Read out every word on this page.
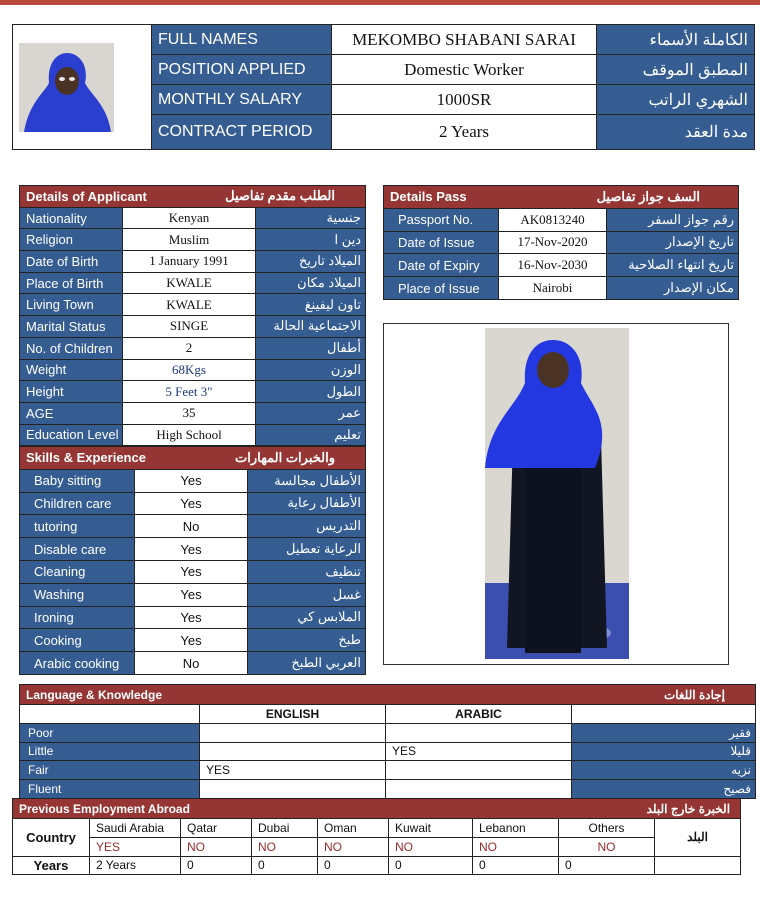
	FULL NAMES	MEKOMBO SHABANI SARAI	الكاملة الأسماء
	POSITION APPLIED	Domestic Worker	المطبق الموقف
	MONTHLY SALARY	1000SR	الشهري الراتب
	CONTRACT PERIOD	2 Years	مدة العقد
Details of Applicant الطلب مقدم تفاصيل		

Nationality	Kenyan	جنسية
Religion	Muslim	دين ا
Date of Birth	1 January 1991	الميلاد تاريخ
Place of Birth	KWALE	الميلاد مكان
Living Town	KWALE	تاون ليفينغ
Marital Status	SINGE	الاجتماعية الحالة
No. of Children	2	أطفال
Weight	68Kgs	الوزن
Height	5 Feet 3"	الطول
AGE	35	عمر
Education Level	High School	تعليم
Details Pass السف جواز تفاصيل		

Passport No.	AK0813240	رقم جواز السفر
Date of Issue	17-Nov-2020	تاريخ الإصدار
Date of Expiry	16-Nov-2030	تاريخ انتهاء الصلاحية
Place of Issue	Nairobi	مكان الإصدار
Skills & Experience والخبرات المهارات		

Baby sitting	Yes	الأطفال مجالسة
Children care	Yes	الأطفال رعاية
tutoring	No	التدريس
Disable care	Yes	الرعاية تعطيل
Cleaning	Yes	تنظيف
Washing	Yes	غسل
Ironing	Yes	الملابس كي
Cooking	Yes	طبخ
Arabic cooking	No	العربي الطبخ
Language & Knowledge إجادة اللغات			

	ENGLISH	ARABIC	
Poor			فقير
Little		YES	قليلا
Fair	YES		نزيه
Fluent			فصيح
Previous Employment Abroad الخبرة خارج البلد								

Country	Saudi Arabia	Qatar	Dubai	Oman	Kuwait	Lebanon	Others	البلد
	YES	NO	NO	NO	NO	NO	NO	
Years	2 Years	0	0	0	0	0	0	
